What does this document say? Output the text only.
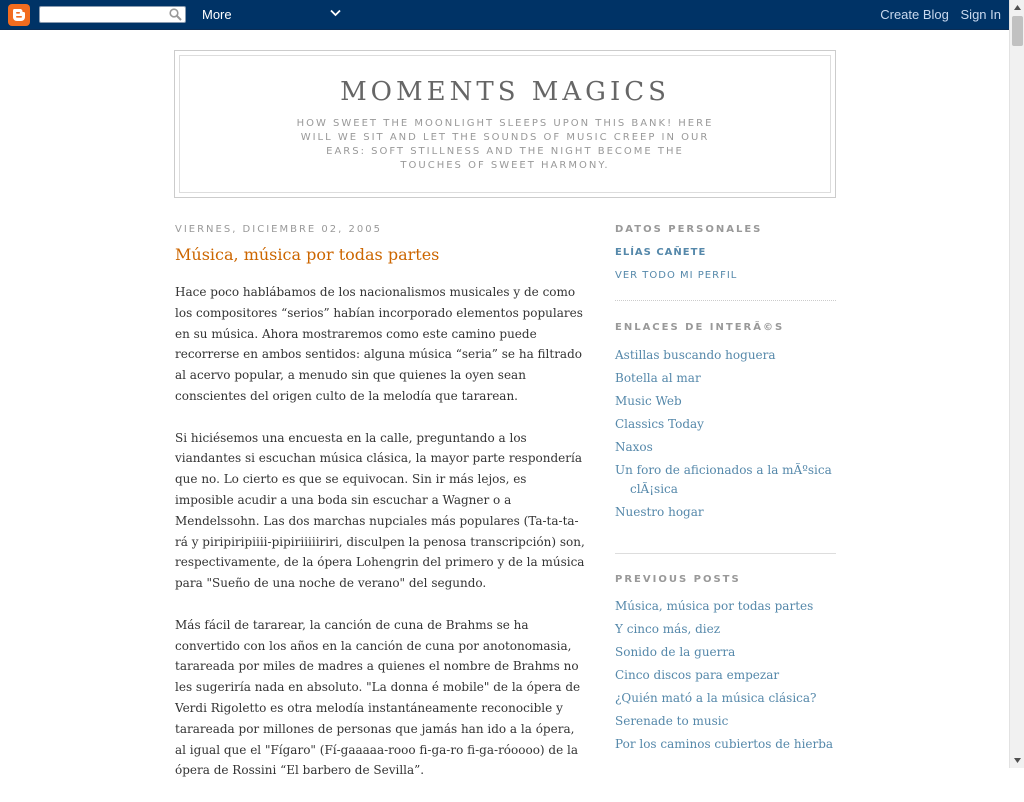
More	Create Blog Sign In
MOMENTS MAGICS
HOW SWEET THE MOONLIGHT SLEEPS UPON THIS BANK! HERE WILL WE SIT AND LET THE SOUNDS OF MUSIC CREEP IN OUR EARS: SOFT STILLNESS AND THE NIGHT BECOME THE TOUCHES OF SWEET HARMONY.
VIERNES, DICIEMBRE 02, 2005
Música, música por todas partes

Hace poco hablábamos de los nacionalismos musicales y de como los compositores “serios” habían incorporado elementos populares en su música. Ahora mostraremos como este camino puede recorrerse en ambos sentidos: alguna música “seria” se ha filtrado al acervo popular, a menudo sin que quienes la oyen sean conscientes del origen culto de la melodía que tararean.

Si hiciésemos una encuesta en la calle, preguntando a los viandantes si escuchan música clásica, la mayor parte respondería que no. Lo cierto es que se equivocan. Sin ir más lejos, es imposible acudir a una boda sin escuchar a Wagner o a Mendelssohn. Las dos marchas nupciales más populares (Ta-ta-ta-rá y piripiripiiii-pipiriiiiiriri, disculpen la penosa transcripción) son, respectivamente, de la ópera Lohengrin del primero y de la música para "Sueño de una noche de verano" del segundo.

Más fácil de tararear, la canción de cuna de Brahms se ha convertido con los años en la canción de cuna por anotonomasia, tarareada por miles de madres a quienes el nombre de Brahms no les sugeriría nada en absoluto. "La donna é mobile" de la ópera de Verdi Rigoletto es otra melodía instantáneamente reconocible y tarareada por millones de personas que jamás han ido a la ópera, al igual que el "Fígaro" (Fí-gaaaaa-rooo fi-ga-ro fi-ga-róoooo) de la ópera de Rossini “El barbero de Sevilla”.

DATOS PERSONALES
ELÍAS CAÑETE
VER TODO MI PERFIL
ENLACES DE INTERÃ©S
Astillas buscando hoguera
Botella al mar
Music Web
Classics Today
Naxos
Un foro de aficionados a la mÃºsica clÃ¡sica
Nuestro hogar
PREVIOUS POSTS
Música, música por todas partes
Y cinco más, diez
Sonido de la guerra
Cinco discos para empezar
¿Quién mató a la música clásica?
Serenade to music
Por los caminos cubiertos de hierba
